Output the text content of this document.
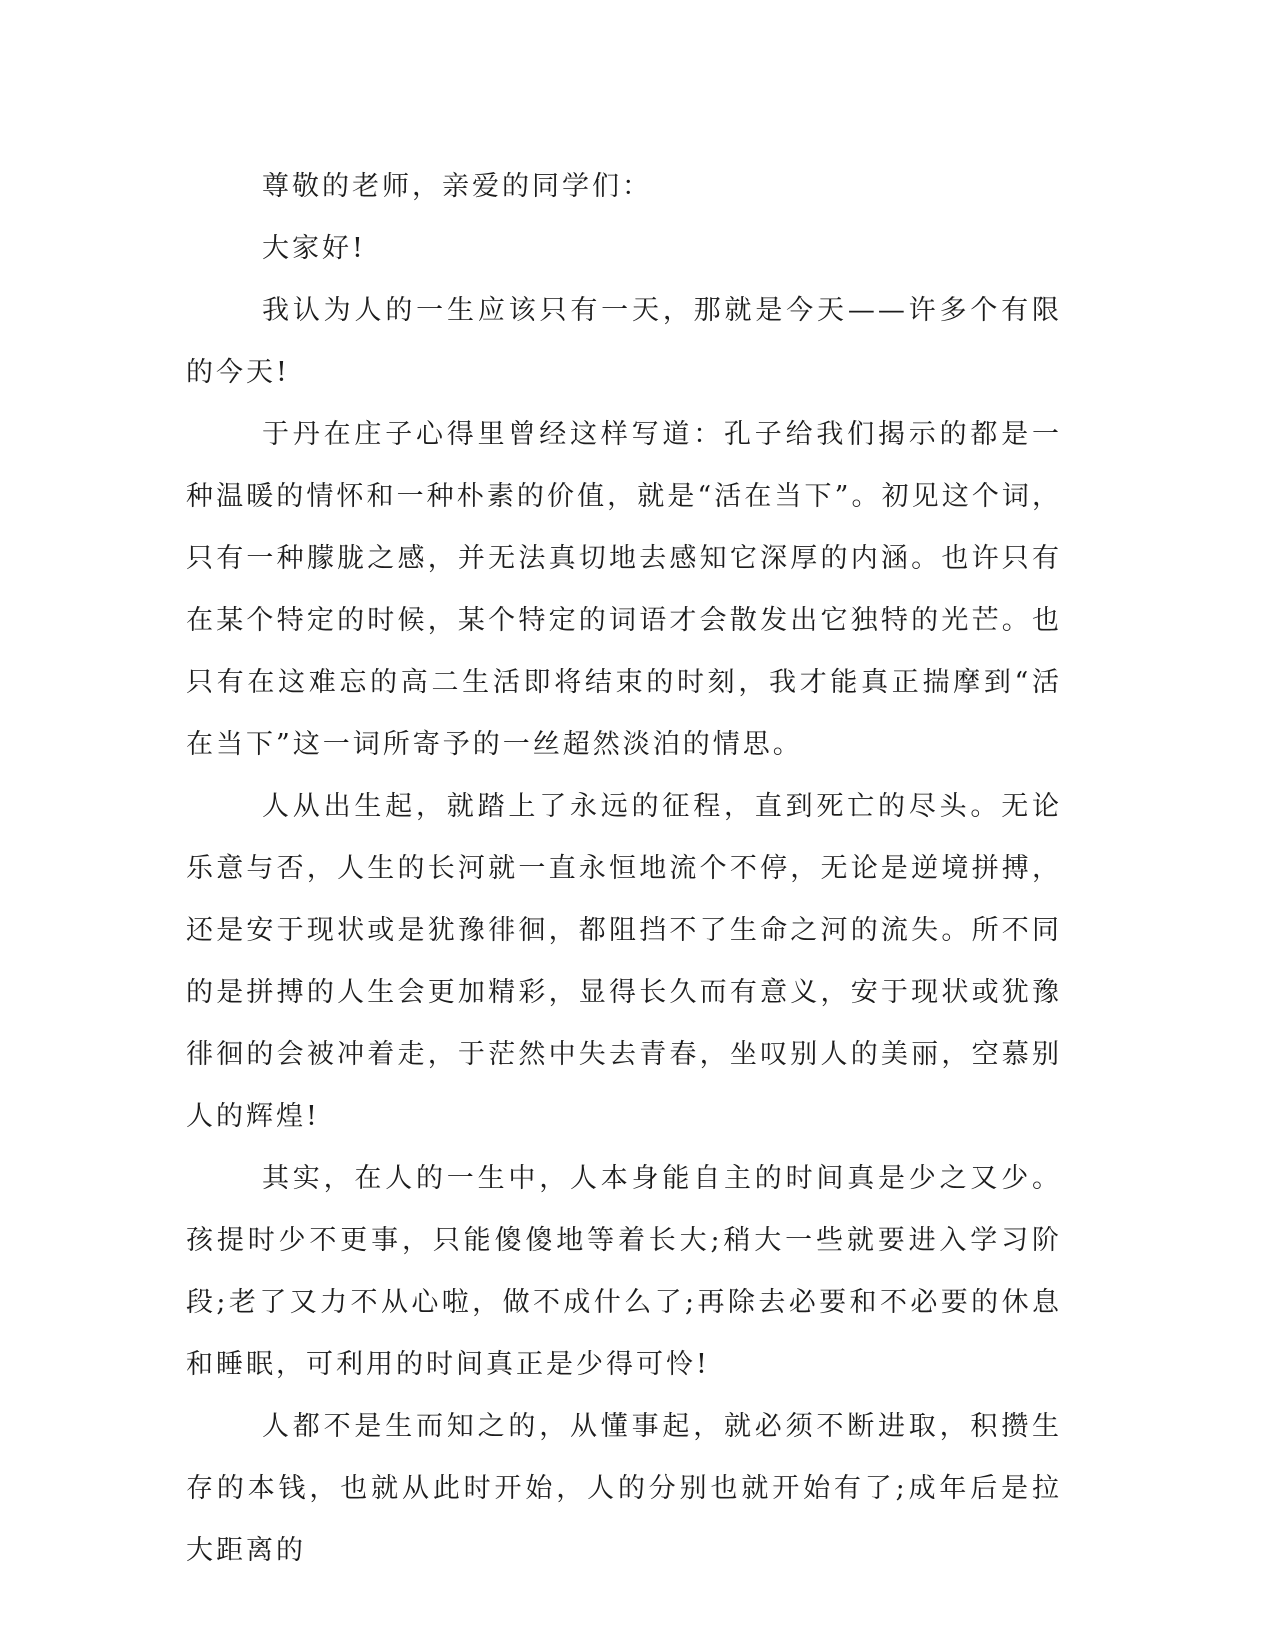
尊敬的老师，亲爱的同学们：

大家好!

我认为人的一生应该只有一天，那就是今天——许多个有限的今天!

于丹在庄子心得里曾经这样写道：孔子给我们揭示的都是一种温暖的情怀和一种朴素的价值，就是“活在当下”。初见这个词，只有一种朦胧之感，并无法真切地去感知它深厚的内涵。也许只有在某个特定的时候，某个特定的词语才会散发出它独特的光芒。也只有在这难忘的高二生活即将结束的时刻，我才能真正揣摩到“活在当下”这一词所寄予的一丝超然淡泊的情思。

人从出生起，就踏上了永远的征程，直到死亡的尽头。无论乐意与否，人生的长河就一直永恒地流个不停，无论是逆境拼搏，还是安于现状或是犹豫徘徊，都阻挡不了生命之河的流失。所不同的是拼搏的人生会更加精彩，显得长久而有意义，安于现状或犹豫徘徊的会被冲着走，于茫然中失去青春，坐叹别人的美丽，空慕别人的辉煌!

其实，在人的一生中，人本身能自主的时间真是少之又少。孩提时少不更事，只能傻傻地等着长大;稍大一些就要进入学习阶段;老了又力不从心啦，做不成什么了;再除去必要和不必要的休息和睡眠，可利用的时间真正是少得可怜!

人都不是生而知之的，从懂事起，就必须不断进取，积攒生存的本钱，也就从此时开始，人的分别也就开始有了;成年后是拉大距离的
